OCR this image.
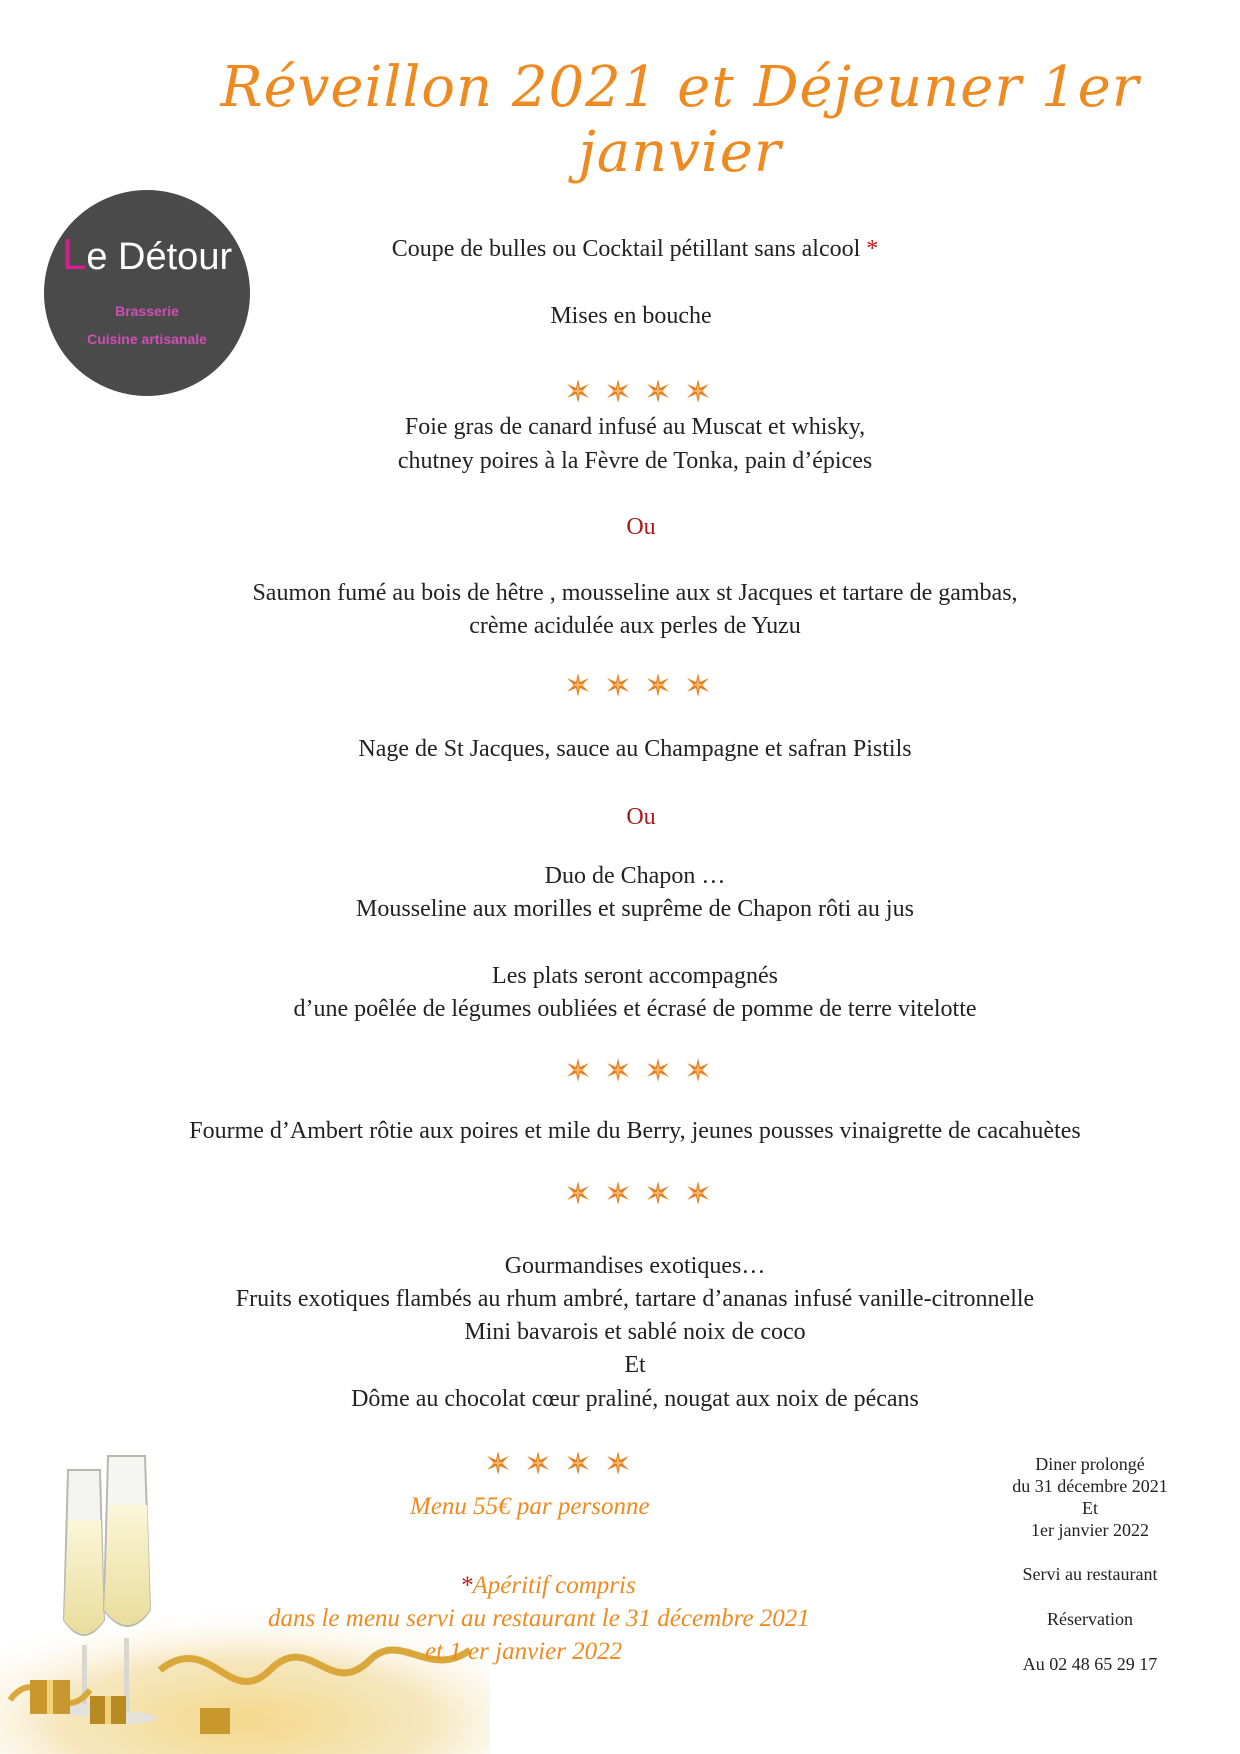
Réveillon 2021 et Déjeuner 1er janvier
Le Détour
Brasserie
Cuisine artisanale
Coupe de bulles ou Cocktail pétillant sans alcool *
Mises en bouche
Foie gras de canard infusé au Muscat et whisky,
chutney poires à la Fèvre de Tonka, pain d’épices
Ou
Saumon fumé au bois de hêtre , mousseline aux st Jacques et tartare de gambas,
crème acidulée aux perles de Yuzu
Nage de St Jacques, sauce au Champagne et safran Pistils
Ou
Duo de Chapon …
Mousseline aux morilles et suprême de Chapon rôti au jus
Les plats seront accompagnés
d’une poêlée de légumes oubliées et écrasé de pomme de terre vitelotte
Fourme d’Ambert rôtie aux poires et mile du Berry, jeunes pousses vinaigrette de cacahuètes
Gourmandises exotiques…
Fruits exotiques flambés au rhum ambré, tartare d’ananas infusé vanille-citronnelle
Mini bavarois et sablé noix de coco
Et
Dôme au chocolat cœur praliné, nougat aux noix de pécans
Menu 55€ par personne
*Apéritif compris
dans le menu servi au restaurant le 31 décembre 2021
et 1 er janvier 2022
Diner prolongé
du 31 décembre 2021
Et
1er janvier 2022
Servi au restaurant
Réservation
Au 02 48 65 29 17
